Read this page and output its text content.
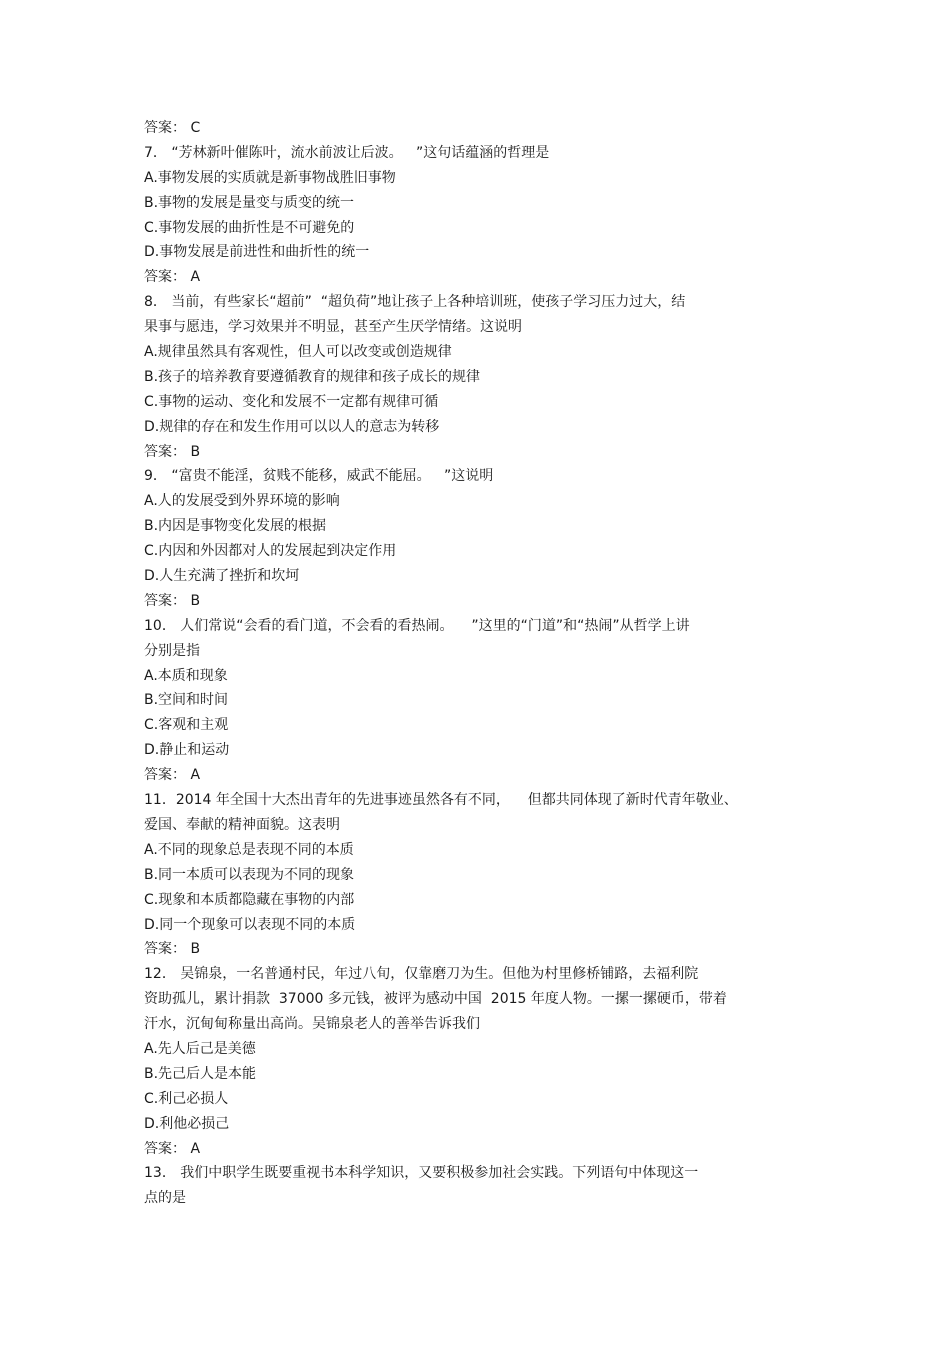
答案： C
7． “芳林新叶催陈叶，流水前波让后波。   ”这句话蕴涵的哲理是
A.事物发展的实质就是新事物战胜旧事物
B.事物的发展是量变与质变的统一
C.事物发展的曲折性是不可避免的
D.事物发展是前进性和曲折性的统一
答案： A
8． 当前，有些家长“超前”  “超负荷”地让孩子上各种培训班，使孩子学习压力过大，结
果事与愿违，学习效果并不明显，甚至产生厌学情绪。这说明
A.规律虽然具有客观性，但人可以改变或创造规律
B.孩子的培养教育要遵循教育的规律和孩子成长的规律
C.事物的运动、变化和发展不一定都有规律可循
D.规律的存在和发生作用可以以人的意志为转移
答案： B
9． “富贵不能淫，贫贱不能移，威武不能屈。   ”这说明
A.人的发展受到外界环境的影响
B.内因是事物变化发展的根据
C.内因和外因都对人的发展起到决定作用
D.人生充满了挫折和坎坷
答案： B
10． 人们常说“会看的看门道，不会看的看热闹。    ”这里的“门道”和“热闹”从哲学上讲
分别是指
A.本质和现象
B.空间和时间
C.客观和主观
D.静止和运动
答案： A
11．2014 年全国十大杰出青年的先进事迹虽然各有不同，    但都共同体现了新时代青年敬业、
爱国、奉献的精神面貌。这表明
A.不同的现象总是表现不同的本质
B.同一本质可以表现为不同的现象
C.现象和本质都隐藏在事物的内部
D.同一个现象可以表现不同的本质
答案： B
12． 吴锦泉，一名普通村民，年过八旬，仅靠磨刀为生。但他为村里修桥铺路，去福利院
资助孤儿，累计捐款  37000 多元钱，被评为感动中国  2015 年度人物。一摞一摞硬币，带着
汗水，沉甸甸称量出高尚。吴锦泉老人的善举告诉我们
A.先人后己是美德
B.先己后人是本能
C.利己必损人
D.利他必损己
答案： A
13． 我们中职学生既要重视书本科学知识，又要积极参加社会实践。下列语句中体现这一
点的是
